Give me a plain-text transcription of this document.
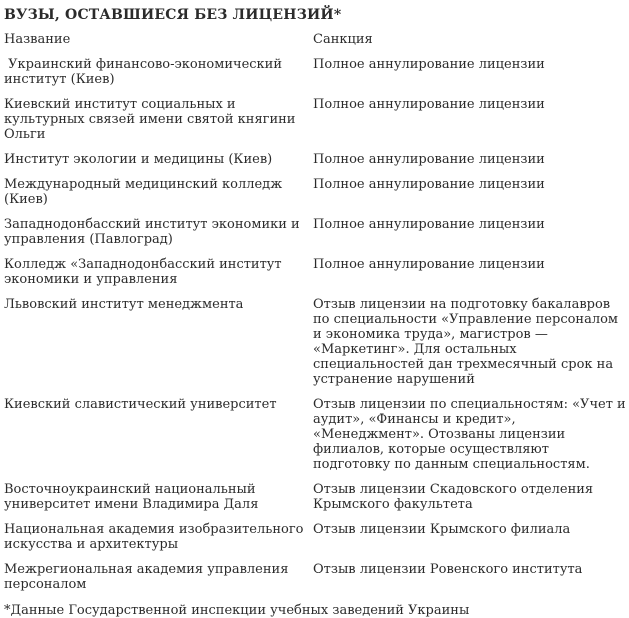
ВУЗЫ, ОСТАВШИЕСЯ БЕЗ ЛИЦЕНЗИЙ*
Название	Санкция
Украинский финансово-экономический институт (Киев)	Полное аннулирование лицензии
Киевский институт социальных и культурных связей имени святой княгини Ольги	Полное аннулирование лицензии
Институт экологии и медицины (Киев)	Полное аннулирование лицензии
Международный медицинский колледж (Киев)	Полное аннулирование лицензии
Западнодонбасский институт экономики и управления (Павлоград)	Полное аннулирование лицензии
Колледж «Западнодонбасский институт экономики и управления	Полное аннулирование лицензии
Львовский институт менеджмента	Отзыв лицензии на подготовку бакалавров по специальности «Управление персоналом и экономика труда», магистров — «Маркетинг». Для остальных специальностей дан трехмесячный срок на устранение нарушений
Киевский славистический университет	Отзыв лицензии по специальностям: «Учет и аудит», «Финансы и кредит», «Менеджмент». Отозваны лицензии филиалов, которые осуществляют подготовку по данным специальностям.
Восточноукраинский национальный университет имени Владимира Даля	Отзыв лицензии Скадовского отделения Крымского факультета
Национальная академия изобразительного искусства и архитектуры	Отзыв лицензии Крымского филиала
Межрегиональная академия управления персоналом	Отзыв лицензии Ровенского института

*Данные Государственной инспекции учебных заведений Украины
